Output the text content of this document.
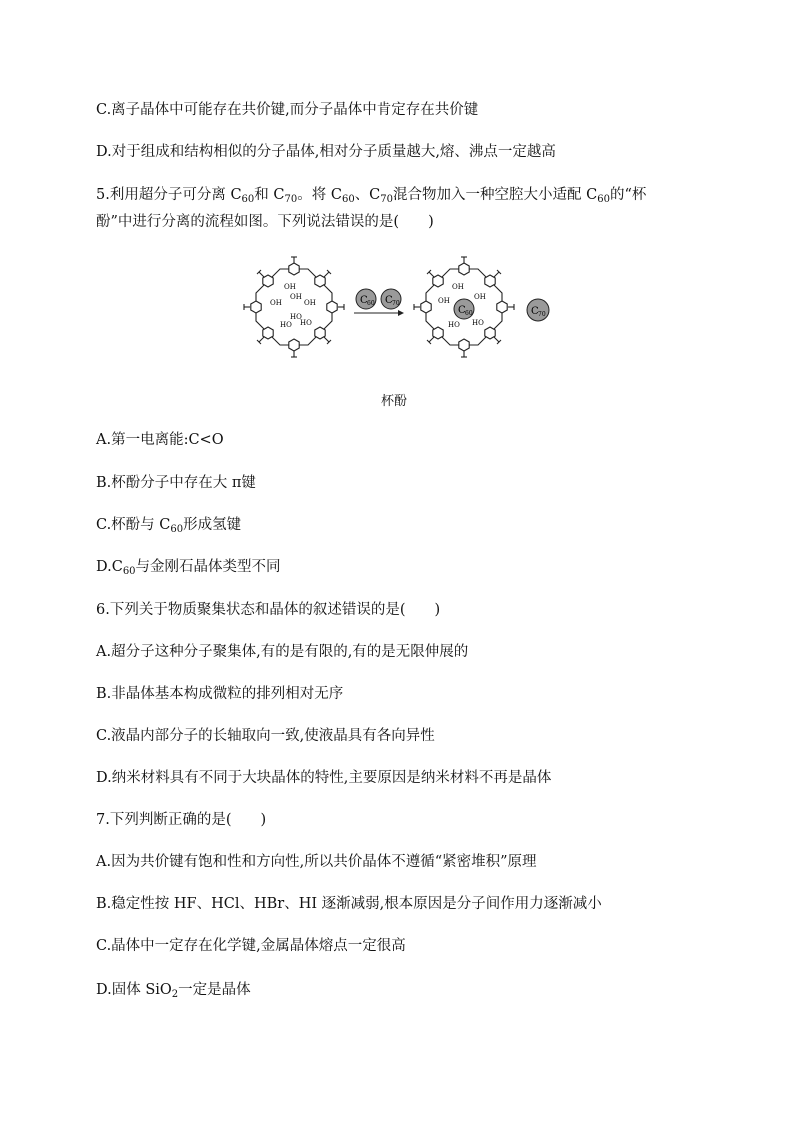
C.离子晶体中可能存在共价键,而分子晶体中肯定存在共价键
D.对于组成和结构相似的分子晶体,相对分子质量越大,熔、沸点一定越高
5.利用超分子可分离 $C_{60}$和 $C_{70}$。将 $C_{60}$、$C_{70}$混合物加入一种空腔大小适配 $C_{60}$的“杯
酚”中进行分离的流程如图。下列说法错误的是(　　)
OH
OH
OH
OH
HO
HO
HO
C 60 C 70
OH
OH
OH
HO HO
C 60	C 70
杯酚
A.第一电离能:C<O
B.杯酚分子中存在大 π键
C.杯酚与 $C_{60}$形成氢键
$D.C_{60}$与金刚石晶体类型不同
6.下列关于物质聚集状态和晶体的叙述错误的是(　　)
A.超分子这种分子聚集体,有的是有限的,有的是无限伸展的
B.非晶体基本构成微粒的排列相对无序
C.液晶内部分子的长轴取向一致,使液晶具有各向异性
D.纳米材料具有不同于大块晶体的特性,主要原因是纳米材料不再是晶体
7.下列判断正确的是(　　)
A.因为共价键有饱和性和方向性,所以共价晶体不遵循“紧密堆积”原理
B.稳定性按 HF、HCl、HBr、HI 逐渐减弱,根本原因是分子间作用力逐渐减小
C.晶体中一定存在化学键,金属晶体熔点一定很高
D.固体 SiO$_2$一定是晶体
